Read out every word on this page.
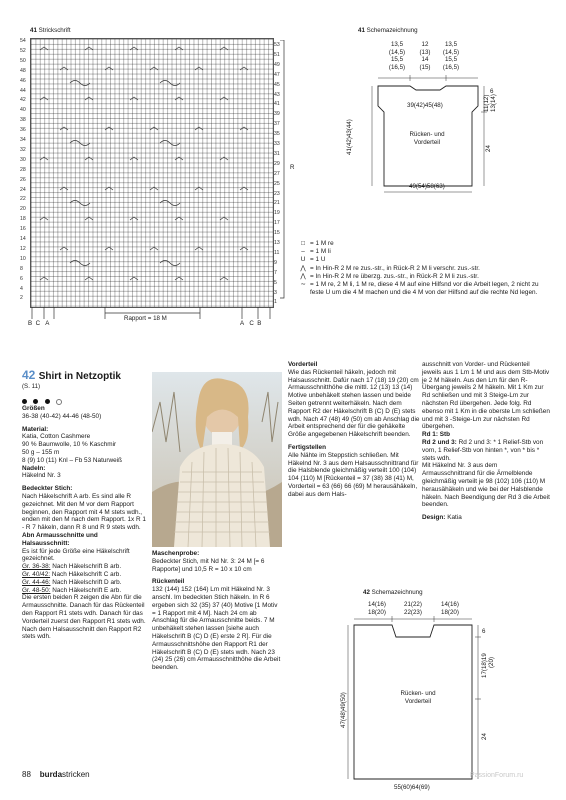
41 Strickschrift
54
52
50
48
46
44
42
40
38
36
34
32
30
28
26
24
22
20
18
16
14
12
10
8
6
4
2
53
51
49
47
45
43
41
39
37
35
33
31
29
27
25
23
21
19
17
15
13
11
9
7
5
3
1
R
B C A	A C B
Rapport = 18 M
41 Schemazeichnung
13,5
(14,5)
15,5
(16,5)
12
(13)
14
(15)
13,5
(14,5)
15,5
(16,5)
39(42)45(48)
Rücken- und
Vorderteil
41(42)43(44)
11(12) 13(14)
6
24
49(54)58(63)
□ = 1 M re
– = 1 M li
U = 1 U
⋀ = In Hin-R 2 M re zus.-str., in Rück-R 2 M li verschr. zus.-str.
⋀ = In Hin-R 2 M re überzg. zus.-str., in Rück-R 2 M li zus.-str.
∼ = 1 M re, 2 M li, 1 M re, diese 4 M auf eine Hilfsnd vor die Arbeit legen, 2 nicht zu feste U um die 4 M machen und die 4 M von der Hilfsnd auf die rechte Nd legen.
42 Shirt in Netzoptik
(S. 11)

Größen

36-38 (40-42) 44-46 (48-50)

Material:

Katia, Cotton Cashmere

90 % Baumwolle, 10 % Kaschmir

50 g – 155 m

8 (9) 10 (11) Knl – Fb 53 Naturweiß

Nadeln:

Häkelnd Nr. 3

Bedeckter Stich:

Nach Häkelschrift A arb. Es sind alle R gezeichnet. Mit den M vor dem Rapport beginnen, den Rapport mit 4 M stets wdh., enden mit den M nach dem Rapport. 1x R 1 - R 7 häkeln, dann R 8 und R 9 stets wdh.

Abn Armausschnitte und Halsausschnitt:

Es ist für jede Größe eine Häkelschrift gezeichnet.

Gr. 36-38: Nach Häkelschrift B arb.

Gr. 40/42: Nach Häkelschrift C arb.

Gr. 44-46: Nach Häkelschrift D arb.

Gr. 48-50: Nach Häkelschrift E arb.

Die ersten beiden R zeigen die Abn für die Armausschnitte. Danach für das Rückenteil den Rapport R1 stets wdh. Danach für das Vorderteil zuerst den Rapport R1 stets wdh. Nach dem Halsausschnitt den Rapport R2 stets wdh.

Maschenprobe:

Bedeckter Stich, mit Nd Nr. 3: 24 M [= 6 Rapporte] und 10,5 R = 10 x 10 cm

Rückenteil

132 (144) 152 (164) Lm mit Häkelnd Nr. 3 anschl. Im bedeckten Stich häkeln. In R 6 ergeben sich 32 (35) 37 (40) Motive [1 Motiv = 1 Rapport mit 4 M]. Nach 24 cm ab Anschlag für die Armausschnitte beids. 7 M unbehäkelt stehen lassen [siehe auch Häkelschrift B (C) D (E) erste 2 R]. Für die Armausschnittshöhe den Rapport R1 der Häkelschrift B (C) D (E) stets wdh. Nach 23 (24) 25 (26) cm Armausschnitthöhe die Arbeit beenden.

Vorderteil

Wie das Rückenteil häkeln, jedoch mit Halsausschnitt. Dafür nach 17 (18) 19 (20) cm Armausschnitthöhe die mittl. 12 (13) 13 (14) Motive unbehäkelt stehen lassen und beide Seiten getrennt weiterhäkeln. Nach dem Rapport R2 der Häkelschrift B (C) D (E) stets wdh. Nach 47 (48) 49 (50) cm ab Anschlag die Arbeit entsprechend der für die gehäkelte Größe angegebenen Häkelschrift beenden.

Fertigstellen

Alle Nähte im Steppstich schließen. Mit Häkelnd Nr. 3 aus dem Halsausschnittrand für die Halsblende gleichmäßig verteilt 100 (104) 104 (110) M [Rückenteil = 37 (38) 38 (41) M, Vorderteil = 63 (66) 66 (69) M herausähäkeln, dabei aus dem Hals-

ausschnitt von Vorder- und Rückenteil jeweils aus 1 Lm 1 M und aus dem Stb-Motiv je 2 M häkeln. Aus den Lm für den R-Übergang jeweils 2 M häkeln. Mit 1 Km zur Rd schließen und mit 3 Steige-Lm zur nächsten Rd übergehen. Jede folg. Rd ebenso mit 1 Km in die oberste Lm schließen und mit 3 -Steige-Lm zur nächsten Rd übergehen.

Rd 1: Stb

Rd 2 und 3: Rd 2 und 3: * 1 Relief-Stb von vorn, 1 Relief-Stb von hinten *, von * bis * stets wdh.

Mit Häkelnd Nr. 3 aus dem Armausschnittrand für die Ärmelblende gleichmäßig verteilt je 98 (102) 106 (110) M herausähäkeln und wie bei der Halsblende häkeln. Nach Beendigung der Rd 3 die Arbeit beenden.

Design: Katia

42 Schemazeichnung
14(16)
18(20)
21(22)
22(23)
14(16)
18(20)
Rücken- und
Vorderteil
47(48)49(50)
17(18)19 (20)
6
24
55(60)64(69)
88 burdastricken	PassionForum.ru
